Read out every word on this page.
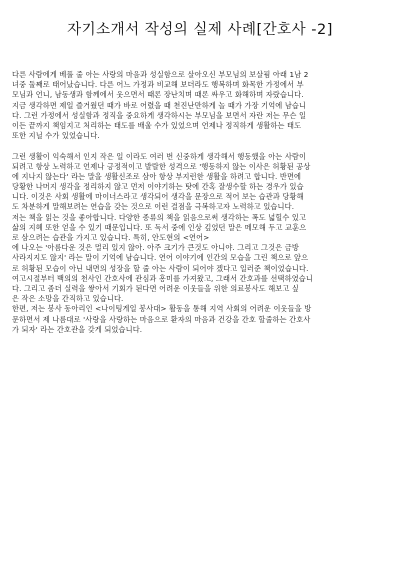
자기소개서 작성의 실제 사례[간호사 -2]
다른 사람에게 베풀 줄 아는 사랑의 마음과 성실함으로 살아오신 부모님의 보살핌 아래 1남 2
녀중 둘째로 태어났습니다. 다른 어느 가정과 비교해 보더라도 행복하며 화목한 가정에서 부
모님과 언니, 남동생과 함께에서 웃으면서 때론 장난치며 때론 싸우고 화해하며 자랐습니다.
지금 생각하면 제일 즐거웠던 때가 바로 어렸을 때 천진난만하게 놀 때가 가장 기억에 남습니
다. 그런 가정에서 성실함과 정직을 중요하게 생각하시는 부모님을 보면서 자란 저는 무슨 일
이든 끝까지 책임지고 처리하는 태도를 배울 수가 있었으며 언제나 정직하게 생활하는 태도
또한 지닐 수가 있었습니다.
그런 생활이 익숙해서 인지 작은 일 이라도 여러 번 신중하게 생각해서 행동했을 아는 사람이
되려고 항상 노력하고 언제나 긍정적이고 발랄한 성격으로 '행동하지 않는 이사은 허황된 공상
에 지나지 않는다' 라는 말을 생활신조로 삼아 항상 부지런한 생활을 하려고 합니다. 반면에
당황한 나머지 생각을 정리하지 않고 먼저 이야기하는 탓에 간혹 잘생수할 하는 경우가 있습
니다. 이것은 사회 생활에 마이너스라고 생각되어 생각을 문장으로 적어 보는 습관과 당황해
도 차분하게 말해보려는 연습을 갖는 것으로 이런 결점을 극복하고자 노력하고 있습니다.
저는 책을 읽는 것을 좋아합니다. 다양한 종류의 책을 읽음으로써 생각하는 폭도 넓힐수 있고
삶의 지혜 또한 얻을 수 있기 때문입니다. 또 독서 중에 인상 깊었던 말은 메모해 두고 교훈으
로 삼으려는 습관을 가지고 있습니다. 특히, 안도현의 <연어>
에 나오는 '아름다운 것은 멀리 있지 않아. 아주 크기가 큰것도 아니야. 그리고 그것은 금방
사라지지도 않지' 라는 말이 기억에 남습니다. 연어 이야기에 인간의 모습을 그린 책으로 앞으
로 허황된 모습이 아닌 내면의 성장을 할 줄 아는 사람이 되어야 겠다고 일러준 책이었습니다.
여고시절부터 백의의 천사인 간호사에 관심과 흥미를 가져왔고, 그래서 간호과를 선택하였습니
다. 그리고 좀더 실력을 쌓아서 기회가 된다면 어려운 이웃들을 위한 의료봉사도 해보고 싶
은 작은 소망을 간직하고 있습니다.
한편, 저는 봉사 동아리인 <나이팅게일 봉사대> 활동을 통해 지역 사회의 어려운 이웃들을 방
문하면서 제 나름대로 '사랑을 사랑하는 마음으로 환자의 마음과 건강을 간호 할줄하는 간호사
가 되자' 라는 간호관을 갖게 되었습니다.
